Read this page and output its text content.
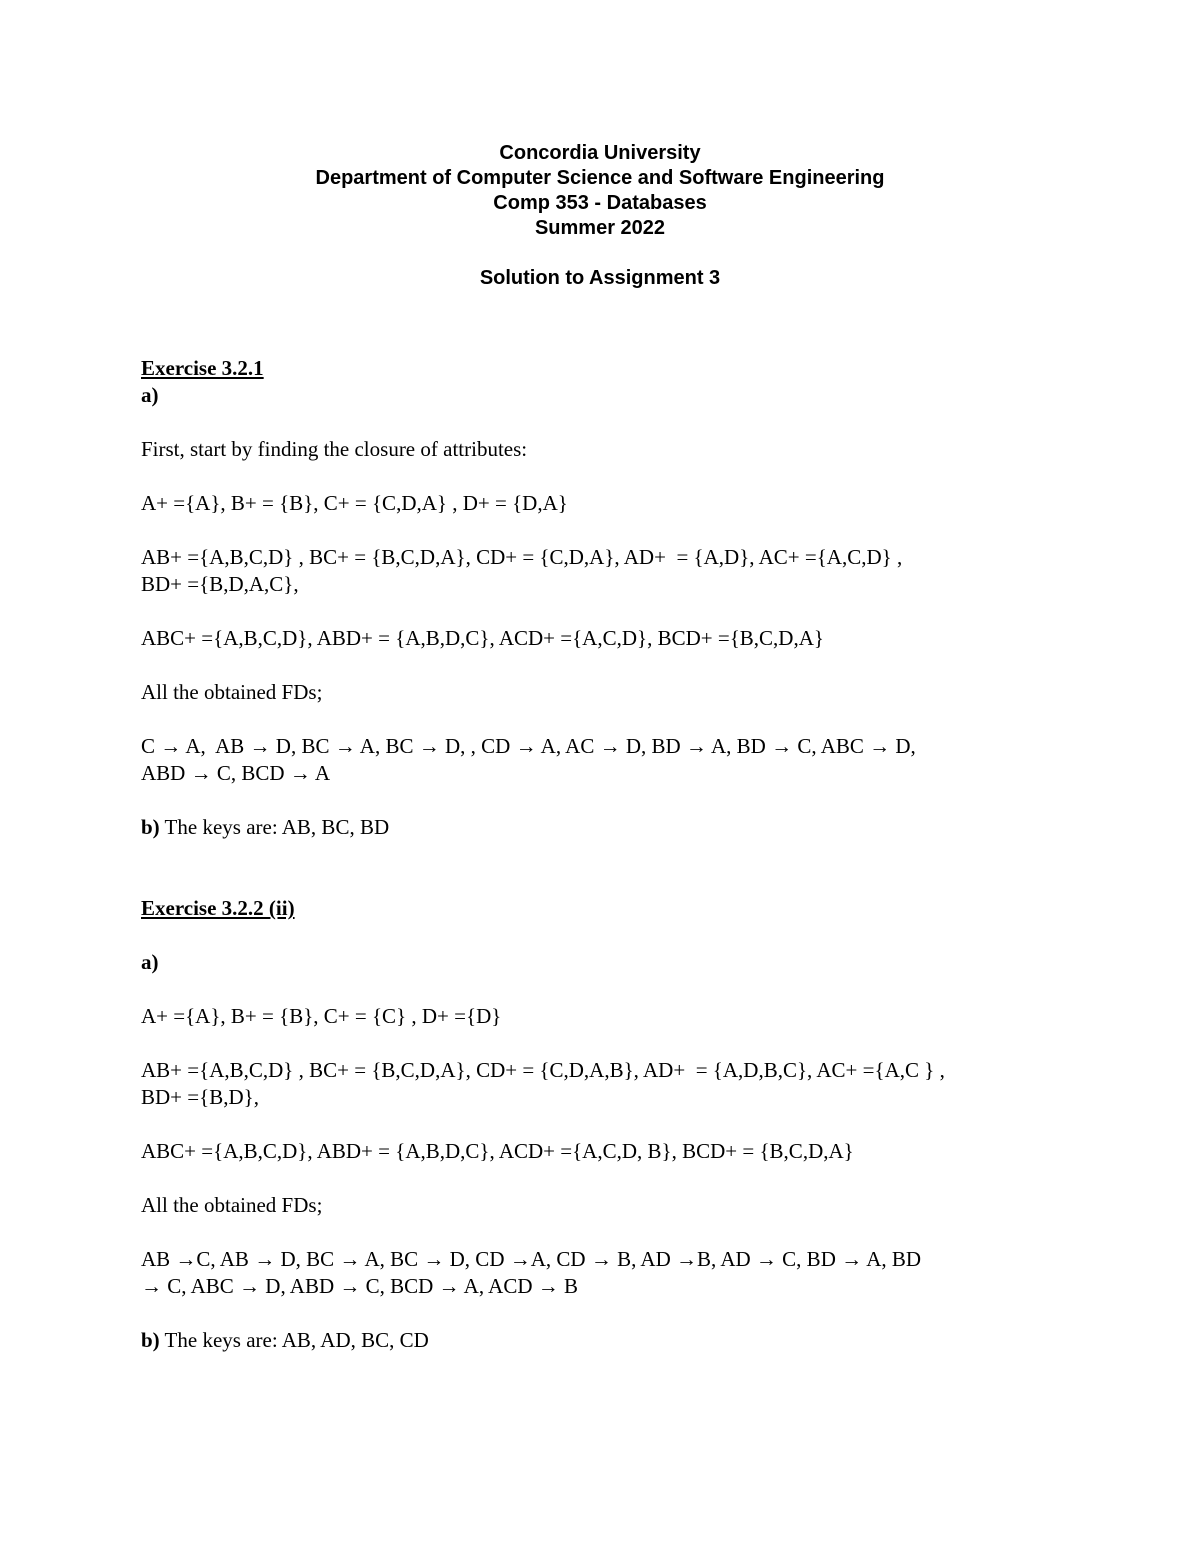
Concordia University
Department of Computer Science and Software Engineering
Comp 353 - Databases
Summer 2022
Solution to Assignment 3
Exercise 3.2.1
a)
First, start by finding the closure of attributes:
A+ ={A}, B+ = {B}, C+ = {C,D,A} , D+ = {D,A}
AB+ ={A,B,C,D} , BC+ = {B,C,D,A}, CD+ = {C,D,A}, AD+  = {A,D}, AC+ ={A,C,D} ,
BD+ ={B,D,A,C},
ABC+ ={A,B,C,D}, ABD+ = {A,B,D,C}, ACD+ ={A,C,D}, BCD+ ={B,C,D,A}
All the obtained FDs;
C → A,  AB → D, BC → A, BC → D, , CD → A, AC → D, BD → A, BD → C, ABC → D,
ABD → C, BCD → A
b) The keys are: AB, BC, BD
Exercise 3.2.2 (ii)
a)
A+ ={A}, B+ = {B}, C+ = {C} , D+ ={D}
AB+ ={A,B,C,D} , BC+ = {B,C,D,A}, CD+ = {C,D,A,B}, AD+  = {A,D,B,C}, AC+ ={A,C } ,
BD+ ={B,D},
ABC+ ={A,B,C,D}, ABD+ = {A,B,D,C}, ACD+ ={A,C,D, B}, BCD+ = {B,C,D,A}
All the obtained FDs;
AB →C, AB → D, BC → A, BC → D, CD →A, CD → B, AD →B, AD → C, BD → A, BD
→ C, ABC → D, ABD → C, BCD → A, ACD → B
b) The keys are: AB, AD, BC, CD
